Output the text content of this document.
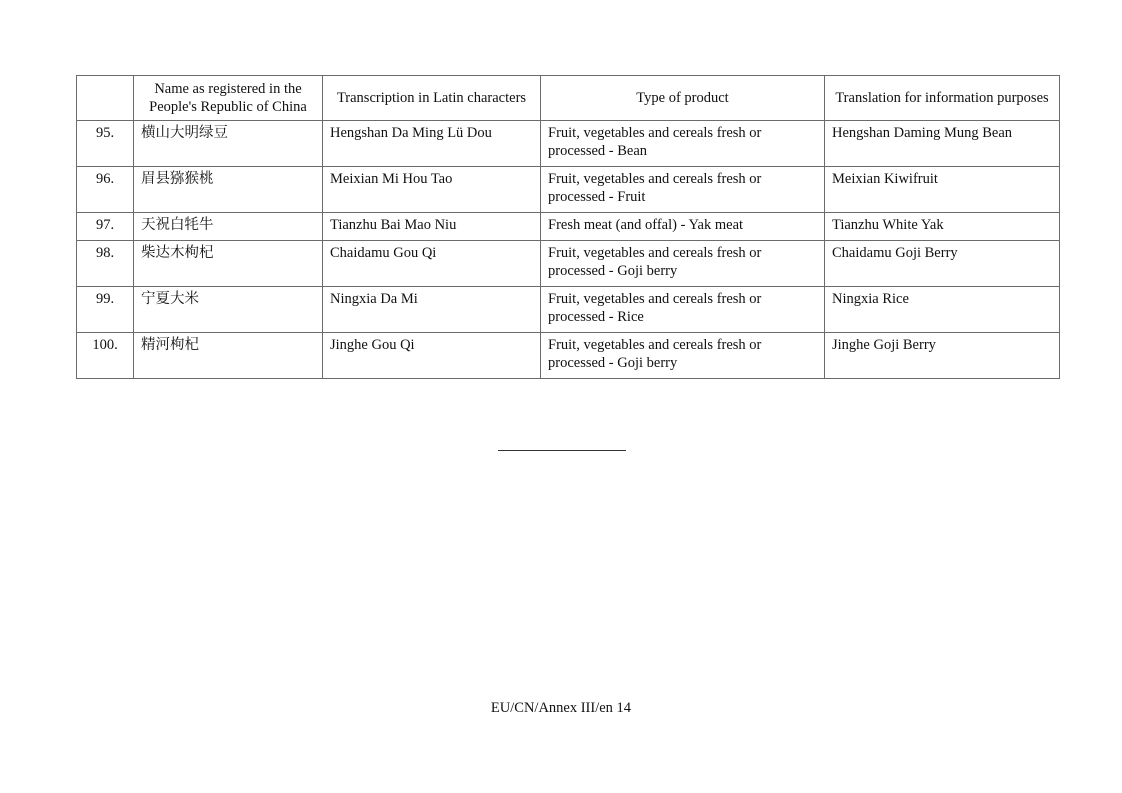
	Name as registered in the People's Republic of China	Transcription in Latin characters	Type of product	Translation for information purposes
95.	横山大明绿豆	Hengshan Da Ming Lü Dou	Fruit, vegetables and cereals fresh or processed - Bean	Hengshan Daming Mung Bean
96.	眉县猕猴桃	Meixian Mi Hou Tao	Fruit, vegetables and cereals fresh or processed - Fruit	Meixian Kiwifruit
97.	天祝白牦牛	Tianzhu Bai Mao Niu	Fresh meat (and offal) - Yak meat	Tianzhu White Yak
98.	柴达木枸杞	Chaidamu Gou Qi	Fruit, vegetables and cereals fresh or processed - Goji berry	Chaidamu Goji Berry
99.	宁夏大米	Ningxia Da Mi	Fruit, vegetables and cereals fresh or processed - Rice	Ningxia Rice
100.	精河枸杞	Jinghe Gou Qi	Fruit, vegetables and cereals fresh or processed - Goji berry	Jinghe Goji Berry
EU/CN/Annex III/en 14
